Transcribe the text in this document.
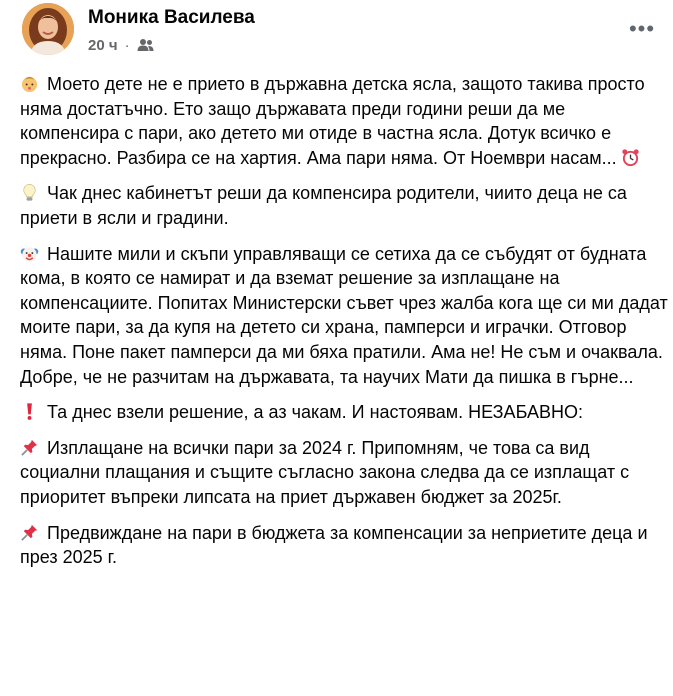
Моника Василева
20 ч ·
•••

Моето дете не е прието в държавна детска ясла, защото такива просто няма достатъчно. Ето защо държавата преди години реши да ме компенсира с пари, ако детето ми отиде в частна ясла. Дотук всичко е прекрасно. Разбира се на хартия. Ама пари няма. От Ноември насам...

Чак днес кабинетът реши да компенсира родители, чиито деца не са приети в ясли и градини.

Нашите мили и скъпи управляващи се сетиха да се събудят от будната кома, в която се намират и да вземат решение за изплащане на компенсациите. Попитах Министерски съвет чрез жалба кога ще си ми дадат моите пари, за да купя на детето си храна, памперси и играчки. Отговор няма. Поне пакет памперси да ми бяха пратили. Ама не! Не съм и очаквала. Добре, че не разчитам на държавата, та научих Мати да пишка в гърне...

Та днес взели решение, а аз чакам. И настоявам. НЕЗАБАВНО:

Изплащане на всички пари за 2024 г. Припомням, че това са вид социални плащания и същите съгласно закона следва да се изплащат с приоритет въпреки липсата на приет държавен бюджет за 2025г.

Предвиждане на пари в бюджета за компенсации за неприетите деца и през 2025 г.
